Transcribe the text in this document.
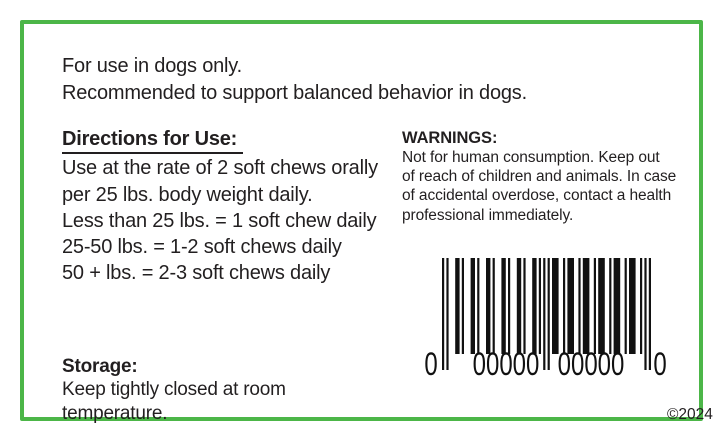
For use in dogs only.
Recommended to support balanced behavior in dogs.
Directions for Use:
Use at the rate of 2 soft chews orally
per 25 lbs. body weight daily.
Less than 25 lbs. = 1 soft chew daily
25-50 lbs. = 1-2 soft chews daily
50 + lbs. = 2-3 soft chews daily
WARNINGS:
Not for human consumption. Keep out
of reach of children and animals. In case
of accidental overdose, contact a health
professional immediately.
0 00000 00000 0
Storage:
Keep tightly closed at room
temperature.	©2024
